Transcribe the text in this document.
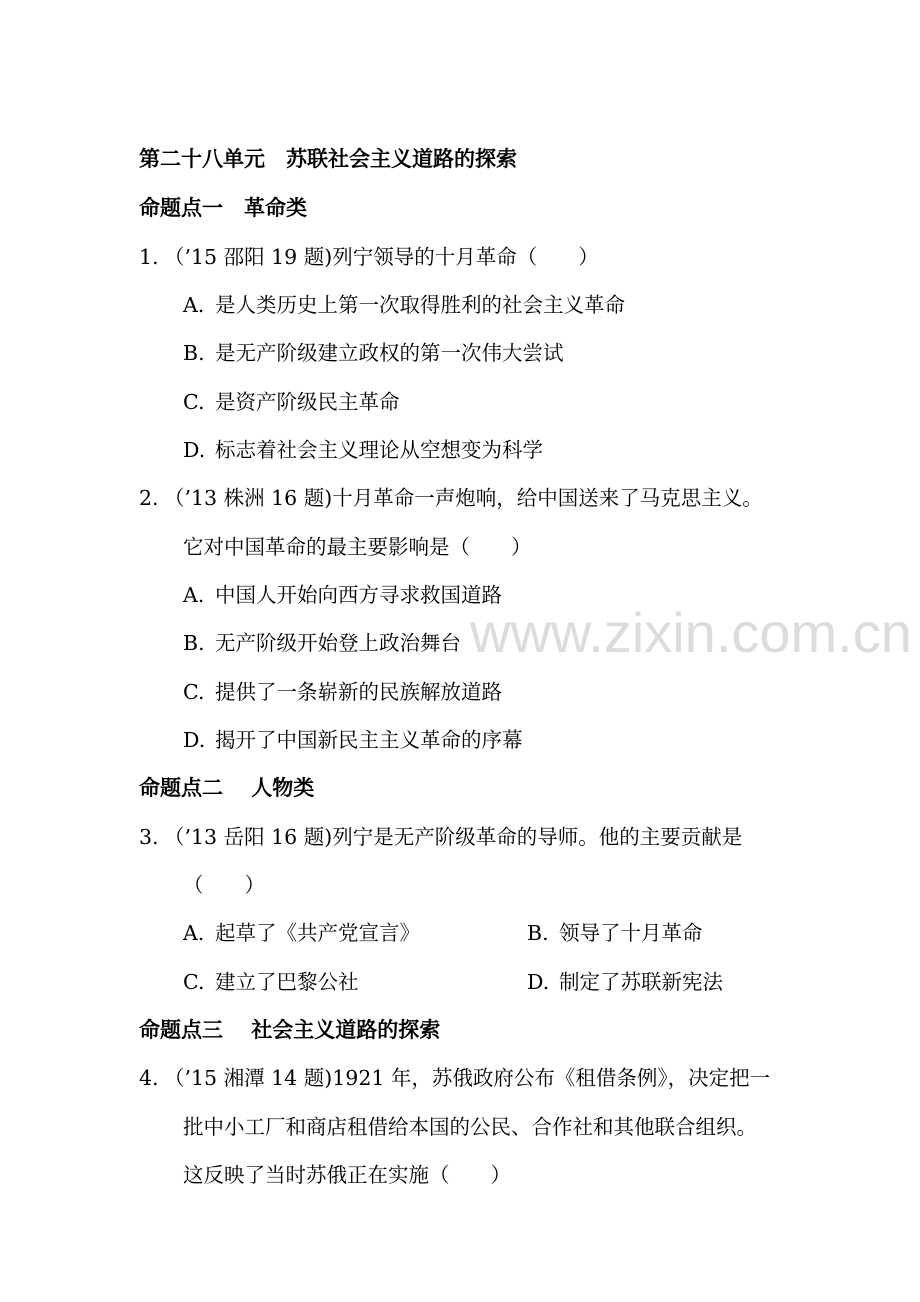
第二十八单元　苏联社会主义道路的探索
命题点一　革命类
1. （’15 邵阳 19 题)列宁领导的十月革命（　　）
A. 是人类历史上第一次取得胜利的社会主义革命
B. 是无产阶级建立政权的第一次伟大尝试
C. 是资产阶级民主革命
D. 标志着社会主义理论从空想变为科学
2. （’13 株洲 16 题)十月革命一声炮响，给中国送来了马克思主义。
它对中国革命的最主要影响是（　　）
A. 中国人开始向西方寻求救国道路
B. 无产阶级开始登上政治舞台
C. 提供了一条崭新的民族解放道路
D. 揭开了中国新民主主义革命的序幕
命题点二　 人物类
3. （’13 岳阳 16 题)列宁是无产阶级革命的导师。他的主要贡献是
（　　）
A. 起草了《共产党宣言》	B. 领导了十月革命
C. 建立了巴黎公社	D. 制定了苏联新宪法
命题点三　 社会主义道路的探索
4. （’15 湘潭 14 题)1921 年，苏俄政府公布《租借条例》，决定把一
批中小工厂和商店租借给本国的公民、合作社和其他联合组织。
这反映了当时苏俄正在实施（　　）
www.zixin.com.cn
